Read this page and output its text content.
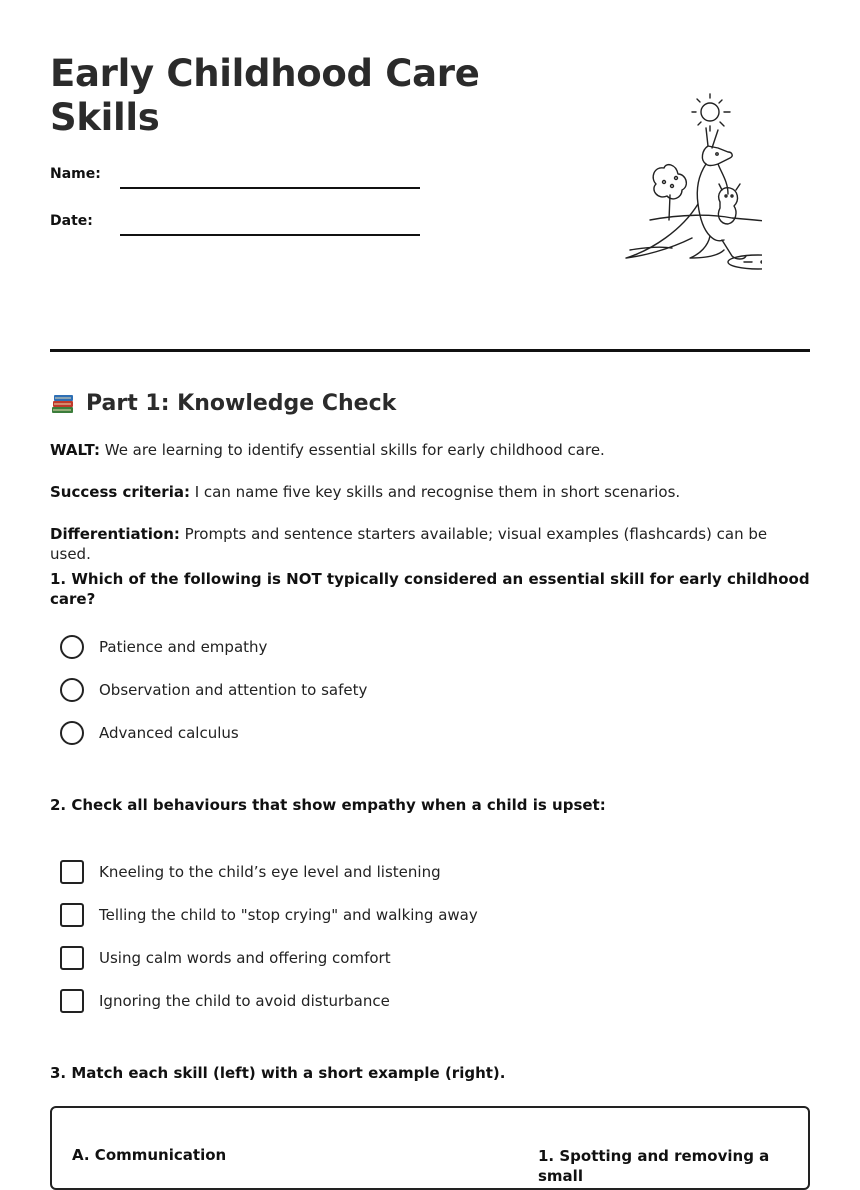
Early Childhood Care Skills
Name:
Date:
Part 1: Knowledge Check

WALT: We are learning to identify essential skills for early childhood care.

Success criteria: I can name five key skills and recognise them in short scenarios.

Differentiation: Prompts and sentence starters available; visual examples (flashcards) can be used.

1. Which of the following is NOT typically considered an essential skill for early childhood care?

Patience and empathy
Observation and attention to safety
Advanced calculus

2. Check all behaviours that show empathy when a child is upset:

Kneeling to the child’s eye level and listening
Telling the child to "stop crying" and walking away
Using calm words and offering comfort
Ignoring the child to avoid disturbance

3. Match each skill (left) with a short example (right).

A. Communication	1. Spotting and removing a small
